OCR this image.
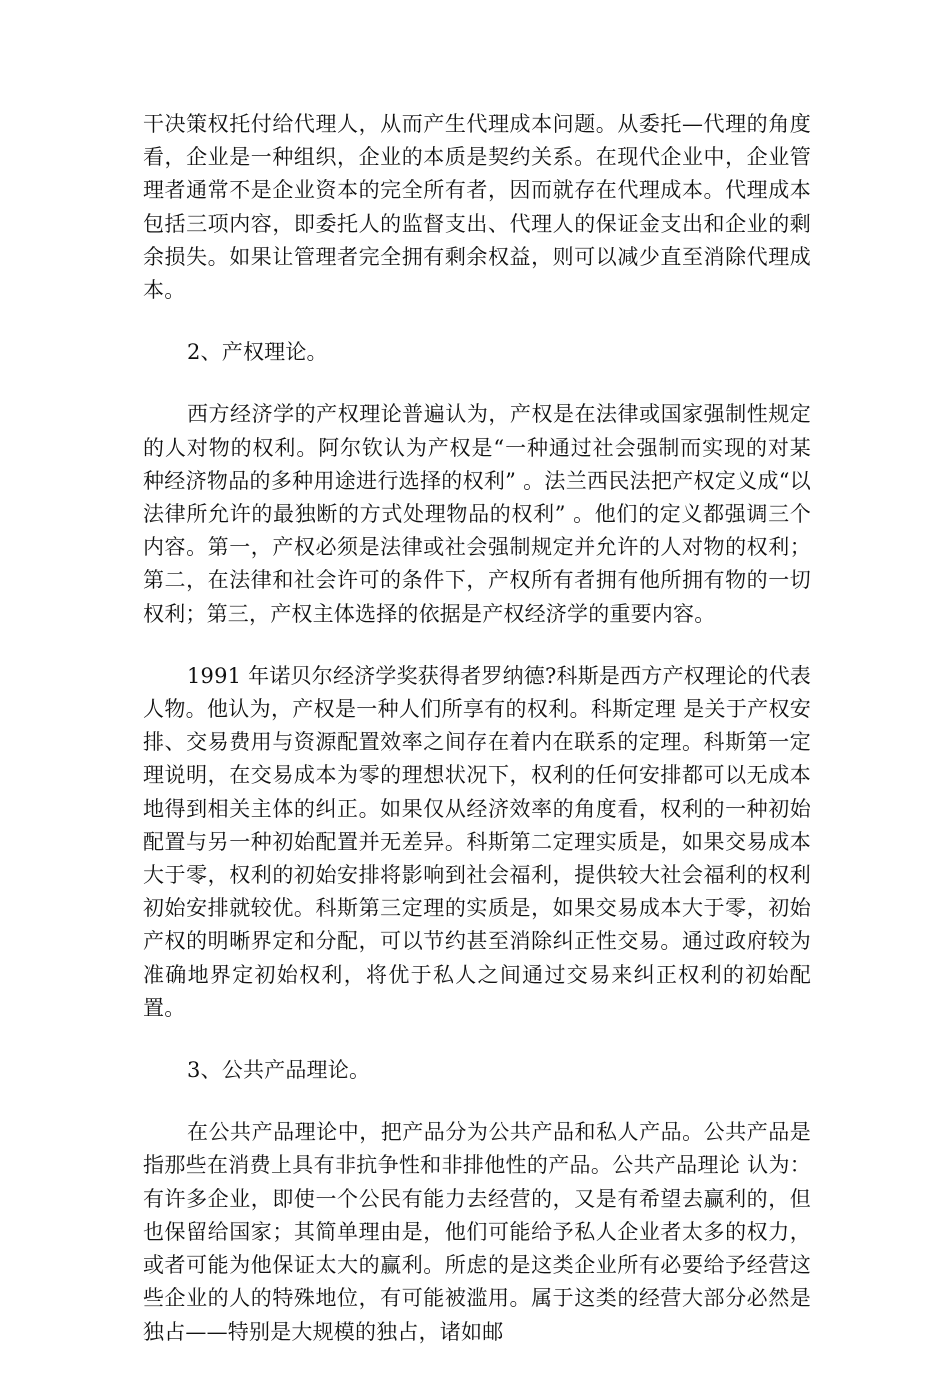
干决策权托付给代理人，从而产生代理成本问题。从委托—代理的角度看，企业是一种组织，企业的本质是契约关系。在现代企业中，企业管理者通常不是企业资本的完全所有者，因而就存在代理成本。代理成本包括三项内容，即委托人的监督支出、代理人的保证金支出和企业的剩余损失。如果让管理者完全拥有剩余权益，则可以减少直至消除代理成本。

2、产权理论。

西方经济学的产权理论普遍认为，产权是在法律或国家强制性规定的人对物的权利。阿尔钦认为产权是“一种通过社会强制而实现的对某种经济物品的多种用途进行选择的权利” 。法兰西民法把产权定义成“以法律所允许的最独断的方式处理物品的权利” 。他们的定义都强调三个内容。第一，产权必须是法律或社会强制规定并允许的人对物的权利；第二，在法律和社会许可的条件下，产权所有者拥有他所拥有物的一切权利；第三，产权主体选择的依据是产权经济学的重要内容。

1991 年诺贝尔经济学奖获得者罗纳德?科斯是西方产权理论的代表人物。他认为，产权是一种人们所享有的权利。科斯定理 是关于产权安排、交易费用与资源配置效率之间存在着内在联系的定理。科斯第一定理说明，在交易成本为零的理想状况下，权利的任何安排都可以无成本地得到相关主体的纠正。如果仅从经济效率的角度看，权利的一种初始配置与另一种初始配置并无差异。科斯第二定理实质是，如果交易成本大于零，权利的初始安排将影响到社会福利，提供较大社会福利的权利初始安排就较优。科斯第三定理的实质是，如果交易成本大于零，初始产权的明晰界定和分配，可以节约甚至消除纠正性交易。通过政府较为准确地界定初始权利，将优于私人之间通过交易来纠正权利的初始配置。

3、公共产品理论。

在公共产品理论中，把产品分为公共产品和私人产品。公共产品是指那些在消费上具有非抗争性和非排他性的产品。公共产品理论 认为：有许多企业，即使一个公民有能力去经营的，又是有希望去赢利的，但也保留给国家；其简单理由是，他们可能给予私人企业者太多的权力，或者可能为他保证太大的赢利。所虑的是这类企业所有必要给予经营这些企业的人的特殊地位，有可能被滥用。属于这类的经营大部分必然是独占——特别是大规模的独占，诸如邮
